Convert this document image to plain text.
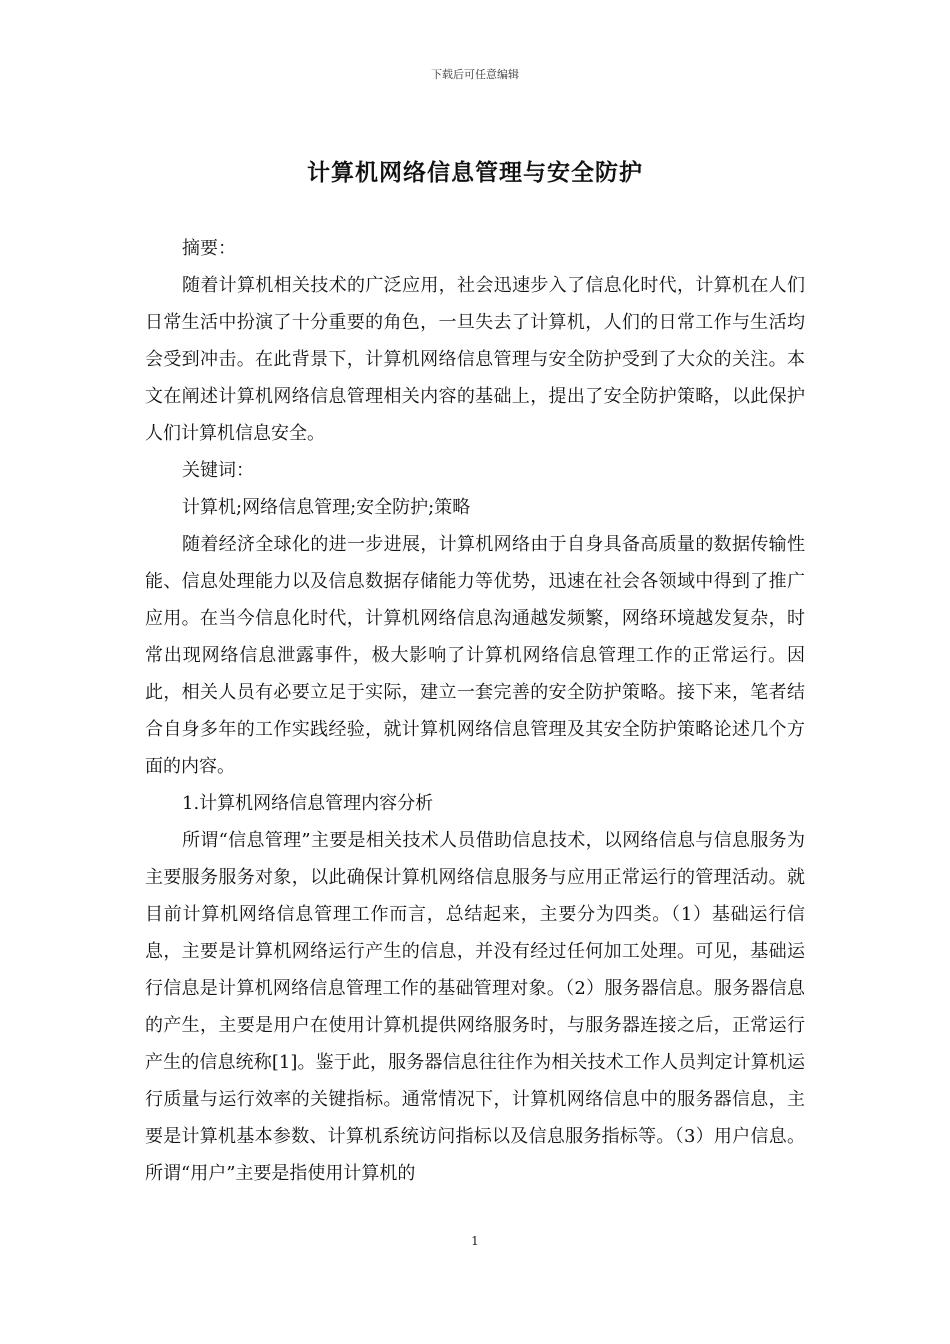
下载后可任意编辑
计算机网络信息管理与安全防护

摘要：

随着计算机相关技术的广泛应用，社会迅速步入了信息化时代，计算机在人们日常生活中扮演了十分重要的角色，一旦失去了计算机，人们的日常工作与生活均会受到冲击。在此背景下，计算机网络信息管理与安全防护受到了大众的关注。本文在阐述计算机网络信息管理相关内容的基础上，提出了安全防护策略，以此保护人们计算机信息安全。

关键词：

计算机;网络信息管理;安全防护;策略

随着经济全球化的进一步进展，计算机网络由于自身具备高质量的数据传输性能、信息处理能力以及信息数据存储能力等优势，迅速在社会各领域中得到了推广应用。在当今信息化时代，计算机网络信息沟通越发频繁，网络环境越发复杂，时常出现网络信息泄露事件，极大影响了计算机网络信息管理工作的正常运行。因此，相关人员有必要立足于实际，建立一套完善的安全防护策略。接下来，笔者结合自身多年的工作实践经验，就计算机网络信息管理及其安全防护策略论述几个方面的内容。

1.计算机网络信息管理内容分析

所谓“信息管理”主要是相关技术人员借助信息技术，以网络信息与信息服务为主要服务服务对象，以此确保计算机网络信息服务与应用正常运行的管理活动。就目前计算机网络信息管理工作而言，总结起来，主要分为四类。（1）基础运行信息，主要是计算机网络运行产生的信息，并没有经过任何加工处理。可见，基础运行信息是计算机网络信息管理工作的基础管理对象。（2）服务器信息。服务器信息的产生，主要是用户在使用计算机提供网络服务时，与服务器连接之后，正常运行产生的信息统称[1]。鉴于此，服务器信息往往作为相关技术工作人员判定计算机运行质量与运行效率的关键指标。通常情况下，计算机网络信息中的服务器信息，主要是计算机基本参数、计算机系统访问指标以及信息服务指标等。（3）用户信息。所谓“用户”主要是指使用计算机的

1
